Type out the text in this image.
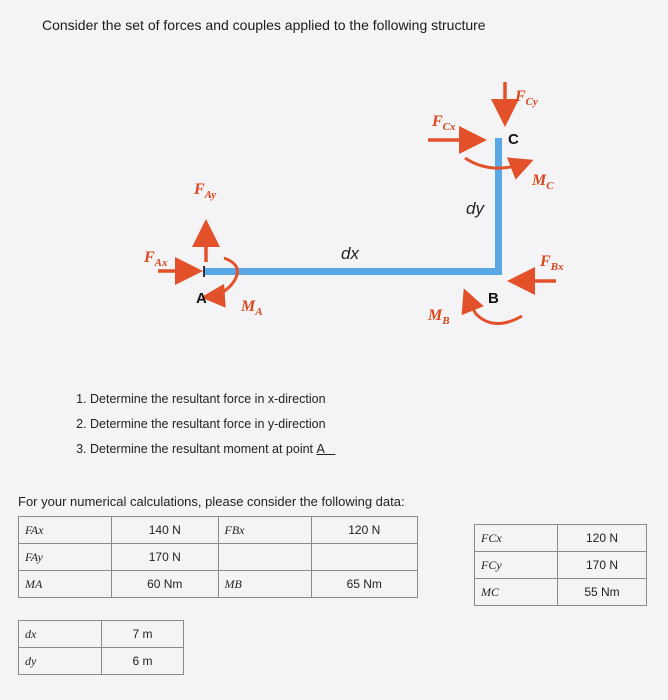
Consider the set of forces and couples applied to the following structure
$F_{Ax}$
$F_{Ay}$
A $M_A$
dx
$F_{Cx}$
$F_{Cy}$
C
$M_C$
dy
$F_{Bx}$
B
$M_B$
1. Determine the resultant force in x-direction
2. Determine the resultant force in y-direction
3. Determine the resultant moment at point A
For your numerical calculations, please consider the following data:
FAx	140 N	FBx	120 N
FAy	170 N		
MA	60 Nm	MB	65 Nm
FCx	120 N
FCy	170 N
MC	55 Nm
dx	7 m
dy	6 m
